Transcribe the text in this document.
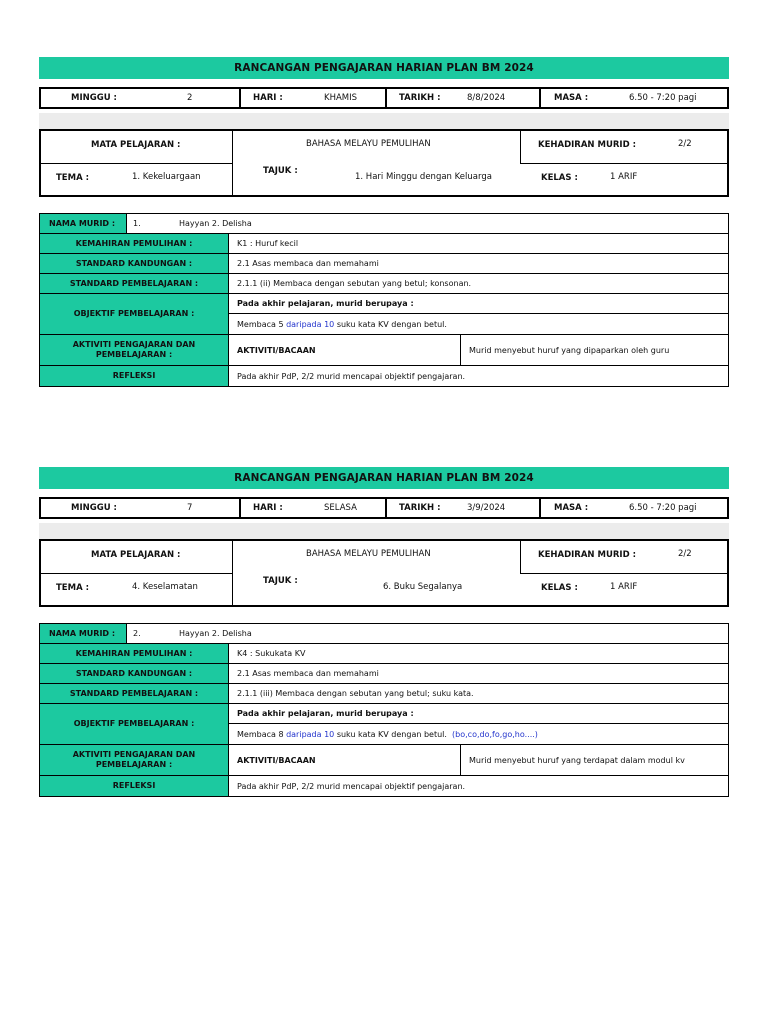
RANCANGAN PENGAJARAN HARIAN PLAN BM 2024
MINGGU :	2	HARI :	KHAMIS	TARIKH :	8/8/2024	MASA :	6.50 - 7:20 pagi
MATA PELAJARAN :	BAHASA MELAYU PEMULIHAN	KEHADIRAN MURID :	2/2
TEMA :	1. Kekeluargaan
TAJUK :
1. Hari Minggu dengan Keluarga	KELAS :	1 ARIF
NAMA MURID :	1.	Hayyan 2. Delisha
KEMAHIRAN PEMULIHAN :	K1 : Huruf kecil
STANDARD KANDUNGAN :	2.1 Asas membaca dan memahami
STANDARD PEMBELAJARAN :	2.1.1 (ii) Membaca dengan sebutan yang betul; konsonan.
OBJEKTIF PEMBELAJARAN :
Pada akhir pelajaran, murid berupaya :
Membaca 5
daripada 10
suku kata KV dengan betul.
AKTIVITI PENGAJARAN DAN PEMBELAJARAN :	AKTIVITI/BACAAN	Murid menyebut huruf yang dipaparkan oleh guru
REFLEKSI	Pada akhir PdP, 2/2 murid mencapai objektif pengajaran.
RANCANGAN PENGAJARAN HARIAN PLAN BM 2024
MINGGU :	7	HARI :	SELASA	TARIKH :	3/9/2024	MASA :	6.50 - 7:20 pagi
MATA PELAJARAN :	BAHASA MELAYU PEMULIHAN	KEHADIRAN MURID :	2/2
TEMA :	4. Keselamatan
TAJUK :
6. Buku Segalanya	KELAS :	1 ARIF
NAMA MURID :	2.	Hayyan 2. Delisha
KEMAHIRAN PEMULIHAN :	K4 : Sukukata KV
STANDARD KANDUNGAN :	2.1 Asas membaca dan memahami
STANDARD PEMBELAJARAN :	2.1.1 (iii) Membaca dengan sebutan yang betul; suku kata.
OBJEKTIF PEMBELAJARAN :
Pada akhir pelajaran, murid berupaya :
Membaca 8
daripada 10
suku kata KV dengan betul.
(bo,co,do,fo,go,ho....)
AKTIVITI PENGAJARAN DAN PEMBELAJARAN :	AKTIVITI/BACAAN	Murid menyebut huruf yang terdapat dalam modul kv
REFLEKSI	Pada akhir PdP, 2/2 murid mencapai objektif pengajaran.
